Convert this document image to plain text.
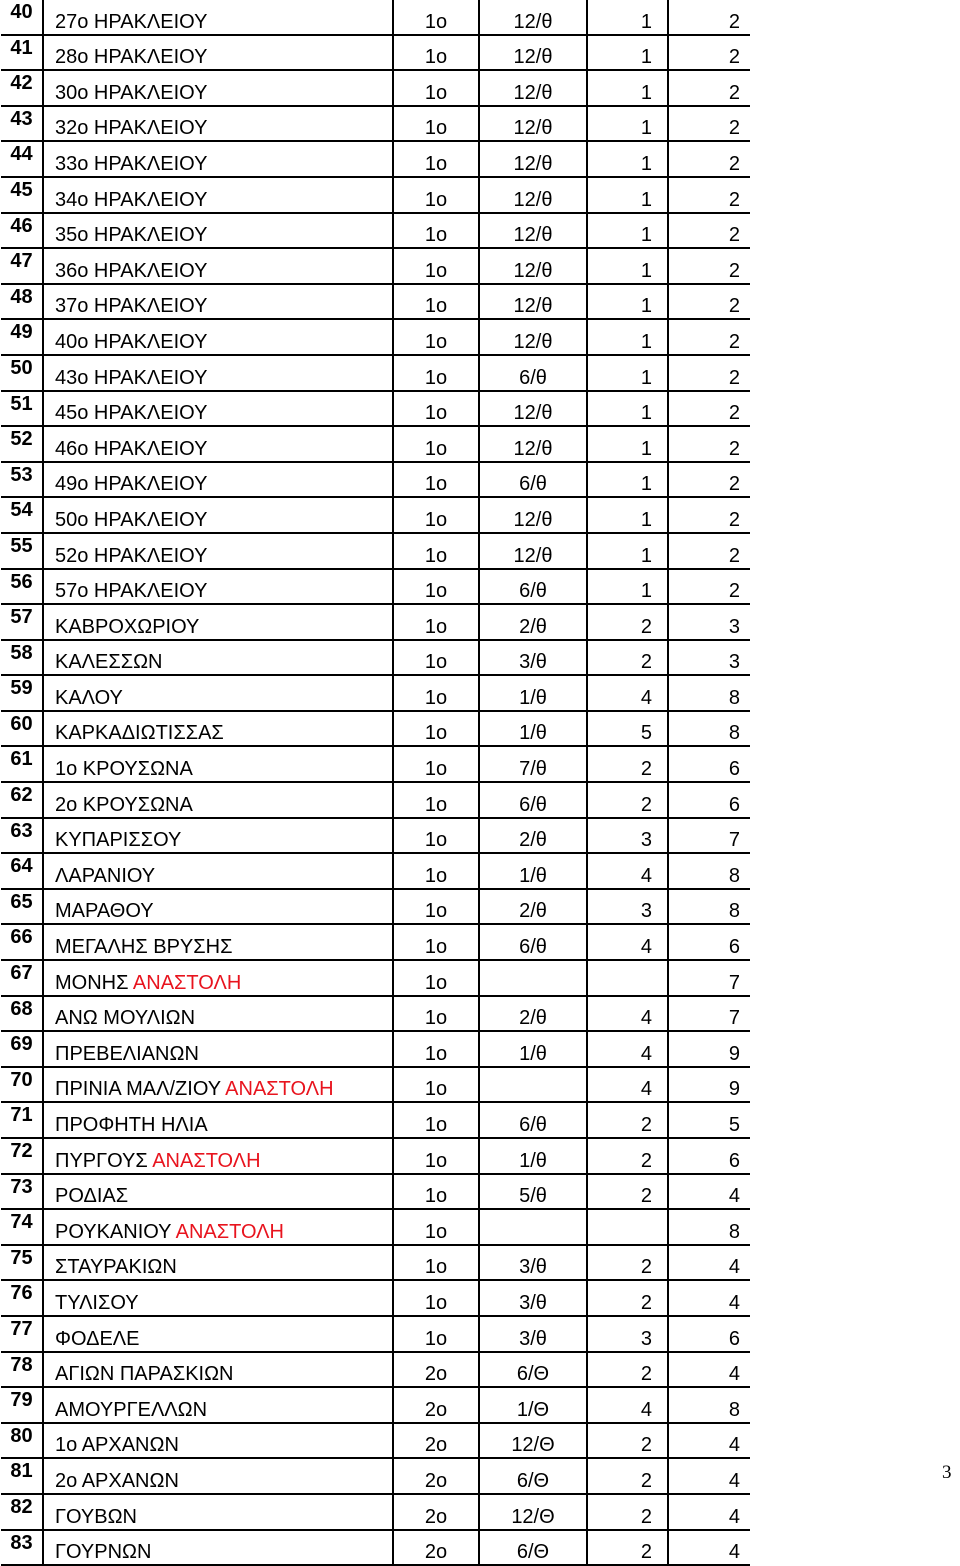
40	27ο ΗΡΑΚΛΕΙΟΥ	1ο	12/θ	1	2
41	28ο ΗΡΑΚΛΕΙΟΥ	1ο	12/θ	1	2
42	30ο ΗΡΑΚΛΕΙΟΥ	1ο	12/θ	1	2
43	32ο ΗΡΑΚΛΕΙΟΥ	1ο	12/θ	1	2
44	33ο ΗΡΑΚΛΕΙΟΥ	1ο	12/θ	1	2
45	34ο ΗΡΑΚΛΕΙΟΥ	1ο	12/θ	1	2
46	35ο ΗΡΑΚΛΕΙΟΥ	1ο	12/θ	1	2
47	36ο ΗΡΑΚΛΕΙΟΥ	1ο	12/θ	1	2
48	37ο ΗΡΑΚΛΕΙΟΥ	1ο	12/θ	1	2
49	40ο ΗΡΑΚΛΕΙΟΥ	1ο	12/θ	1	2
50	43ο ΗΡΑΚΛΕΙΟΥ	1ο	6/θ	1	2
51	45ο ΗΡΑΚΛΕΙΟΥ	1ο	12/θ	1	2
52	46ο ΗΡΑΚΛΕΙΟΥ	1ο	12/θ	1	2
53	49ο ΗΡΑΚΛΕΙΟΥ	1ο	6/θ	1	2
54	50ο ΗΡΑΚΛΕΙΟΥ	1ο	12/θ	1	2
55	52ο ΗΡΑΚΛΕΙΟΥ	1ο	12/θ	1	2
56	57ο ΗΡΑΚΛΕΙΟΥ	1ο	6/θ	1	2
57	ΚΑΒΡΟΧΩΡΙΟΥ	1ο	2/θ	2	3
58	ΚΑΛΕΣΣΩΝ	1ο	3/θ	2	3
59	ΚΑΛΟΥ	1ο	1/θ	4	8
60	ΚΑΡΚΑΔΙΩΤΙΣΣΑΣ	1ο	1/θ	5	8
61	1ο ΚΡΟΥΣΩΝΑ	1ο	7/θ	2	6
62	2ο ΚΡΟΥΣΩΝΑ	1ο	6/θ	2	6
63	ΚΥΠΑΡΙΣΣΟΥ	1ο	2/θ	3	7
64	ΛΑΡΑΝΙΟΥ	1ο	1/θ	4	8
65	ΜΑΡΑΘΟΥ	1ο	2/θ	3	8
66	ΜΕΓΑΛΗΣ ΒΡΥΣΗΣ	1ο	6/θ	4	6
67	ΜΟΝΗΣ ΑΝΑΣΤΟΛΗ	1ο			7
68	ΑΝΩ ΜΟΥΛΙΩΝ	1ο	2/θ	4	7
69	ΠΡΕΒΕΛΙΑΝΩΝ	1ο	1/θ	4	9
70	ΠΡΙΝΙΑ ΜΑΛ/ΖΙΟΥ ΑΝΑΣΤΟΛΗ	1ο		4	9
71	ΠΡΟΦΗΤΗ ΗΛΙΑ	1ο	6/θ	2	5
72	ΠΥΡΓΟΥΣ ΑΝΑΣΤΟΛΗ	1ο	1/θ	2	6
73	ΡΟΔΙΑΣ	1ο	5/θ	2	4
74	ΡΟΥΚΑΝΙΟΥ ΑΝΑΣΤΟΛΗ	1ο			8
75	ΣΤΑΥΡΑΚΙΩΝ	1ο	3/θ	2	4
76	ΤΥΛΙΣΟΥ	1ο	3/θ	2	4
77	ΦΟΔΕΛΕ	1ο	3/θ	3	6
78	ΑΓΙΩΝ ΠΑΡΑΣΚΙΩΝ	2ο	6/Θ	2	4
79	ΑΜΟΥΡΓΕΛΛΩΝ	2ο	1/Θ	4	8
80	1ο ΑΡΧΑΝΩΝ	2ο	12/Θ	2	4
81	2ο ΑΡΧΑΝΩΝ	2ο	6/Θ	2	4
82	ΓΟΥΒΩΝ	2ο	12/Θ	2	4
83	ΓΟΥΡΝΩΝ	2ο	6/Θ	2	4
3
